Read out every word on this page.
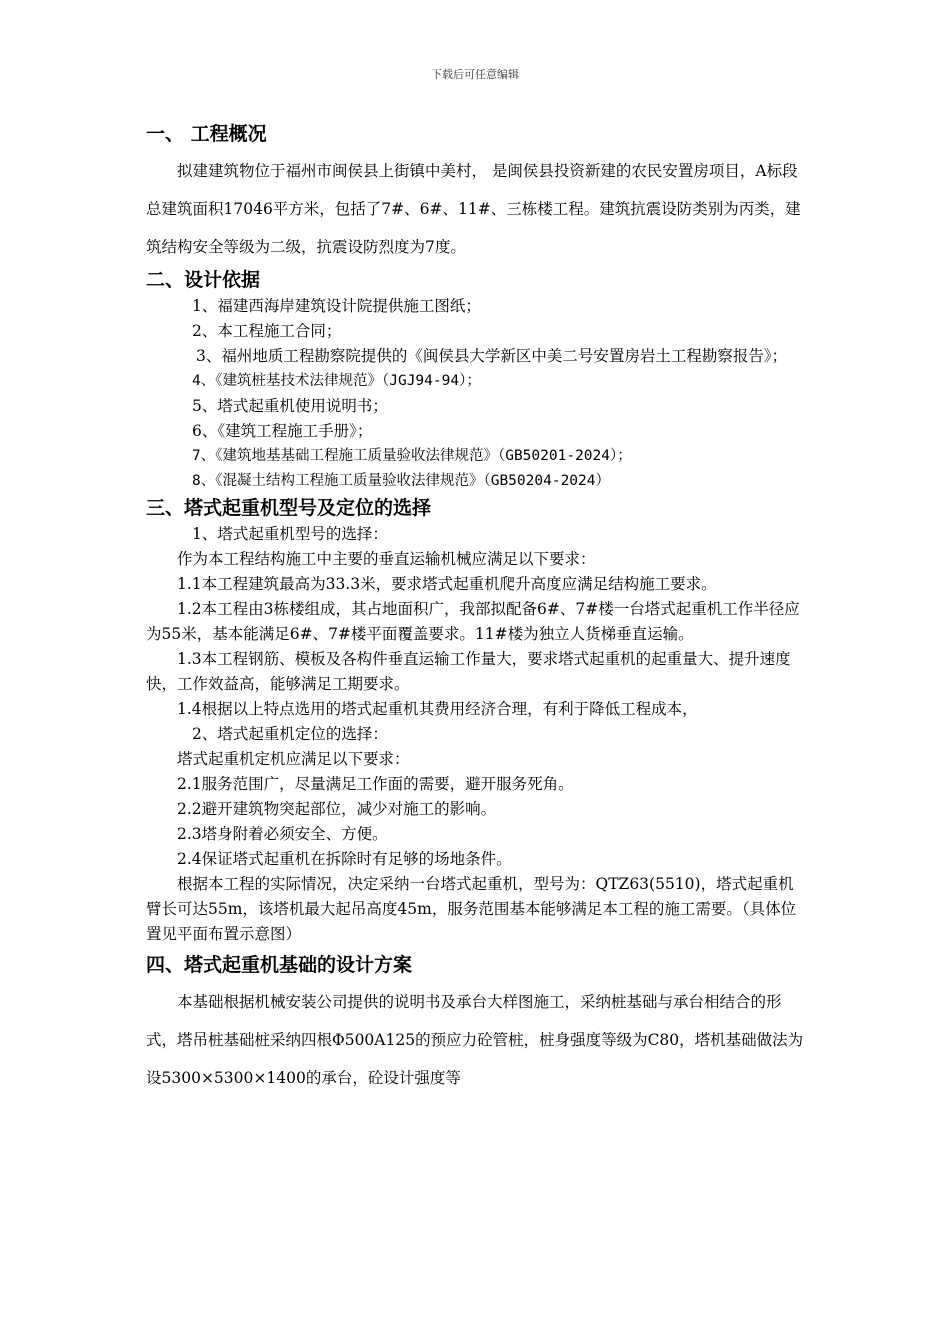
下载后可任意编辑
一、 工程概况

拟建建筑物位于福州市闽侯县上街镇中美村， 是闽侯县投资新建的农民安置房项目，A标段总建筑面积17046平方米，包括了7#、6#、11#、三栋楼工程。建筑抗震设防类别为丙类，建筑结构安全等级为二级，抗震设防烈度为7度。

二、设计依据

1、福建西海岸建筑设计院提供施工图纸；

2、本工程施工合同；

3、福州地质工程勘察院提供的《闽侯县大学新区中美二号安置房岩土工程勘察报告》；

4、《建筑桩基技术法律规范》（JGJ94-94）；

5、塔式起重机使用说明书；

6、《建筑工程施工手册》；

7、《建筑地基基础工程施工质量验收法律规范》（GB50201-2024）；

8、《混凝土结构工程施工质量验收法律规范》（GB50204-2024）

三、塔式起重机型号及定位的选择

1、塔式起重机型号的选择：

作为本工程结构施工中主要的垂直运输机械应满足以下要求：

1.1本工程建筑最高为33.3米，要求塔式起重机爬升高度应满足结构施工要求。

1.2本工程由3栋楼组成，其占地面积广，我部拟配备6#、7#楼一台塔式起重机工作半径应为55米，基本能满足6#、7#楼平面覆盖要求。11#楼为独立人货梯垂直运输。

1.3本工程钢筋、模板及各构件垂直运输工作量大，要求塔式起重机的起重量大、提升速度快，工作效益高，能够满足工期要求。

1.4根据以上特点选用的塔式起重机其费用经济合理，有利于降低工程成本，

2、塔式起重机定位的选择：

塔式起重机定机应满足以下要求：

2.1服务范围广，尽量满足工作面的需要，避开服务死角。

2.2避开建筑物突起部位，减少对施工的影响。

2.3塔身附着必须安全、方便。

2.4保证塔式起重机在拆除时有足够的场地条件。

根据本工程的实际情况，决定采纳一台塔式起重机，型号为：QTZ63(5510)，塔式起重机臂长可达55m，该塔机最大起吊高度45m，服务范围基本能够满足本工程的施工需要。（具体位置见平面布置示意图）

四、塔式起重机基础的设计方案

本基础根据机械安装公司提供的说明书及承台大样图施工，采纳桩基础与承台相结合的形式，塔吊桩基础桩采纳四根Φ500A125的预应力砼管桩，桩身强度等级为C80，塔机基础做法为设5300×5300×1400的承台，砼设计强度等
